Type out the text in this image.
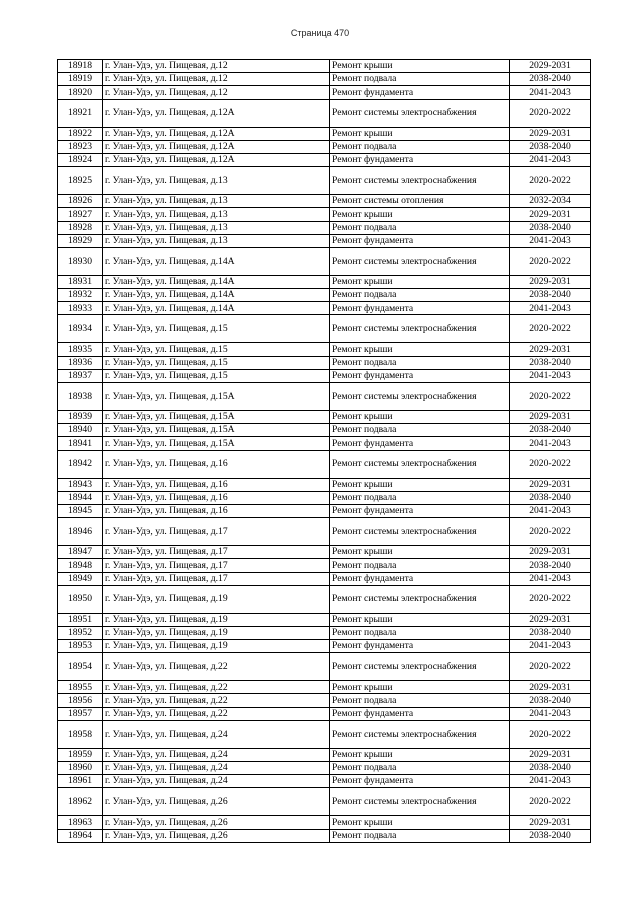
Страница 470
18918	г. Улан-Удэ, ул. Пищевая, д.12	Ремонт крыши	2029-2031
18919	г. Улан-Удэ, ул. Пищевая, д.12	Ремонт подвала	2038-2040
18920	г. Улан-Удэ, ул. Пищевая, д.12	Ремонт фундамента	2041-2043
18921	г. Улан-Удэ, ул. Пищевая, д.12А	Ремонт системы электроснабжения	2020-2022
18922	г. Улан-Удэ, ул. Пищевая, д.12А	Ремонт крыши	2029-2031
18923	г. Улан-Удэ, ул. Пищевая, д.12А	Ремонт подвала	2038-2040
18924	г. Улан-Удэ, ул. Пищевая, д.12А	Ремонт фундамента	2041-2043
18925	г. Улан-Удэ, ул. Пищевая, д.13	Ремонт системы электроснабжения	2020-2022
18926	г. Улан-Удэ, ул. Пищевая, д.13	Ремонт системы отопления	2032-2034
18927	г. Улан-Удэ, ул. Пищевая, д.13	Ремонт крыши	2029-2031
18928	г. Улан-Удэ, ул. Пищевая, д.13	Ремонт подвала	2038-2040
18929	г. Улан-Удэ, ул. Пищевая, д.13	Ремонт фундамента	2041-2043
18930	г. Улан-Удэ, ул. Пищевая, д.14А	Ремонт системы электроснабжения	2020-2022
18931	г. Улан-Удэ, ул. Пищевая, д.14А	Ремонт крыши	2029-2031
18932	г. Улан-Удэ, ул. Пищевая, д.14А	Ремонт подвала	2038-2040
18933	г. Улан-Удэ, ул. Пищевая, д.14А	Ремонт фундамента	2041-2043
18934	г. Улан-Удэ, ул. Пищевая, д.15	Ремонт системы электроснабжения	2020-2022
18935	г. Улан-Удэ, ул. Пищевая, д.15	Ремонт крыши	2029-2031
18936	г. Улан-Удэ, ул. Пищевая, д.15	Ремонт подвала	2038-2040
18937	г. Улан-Удэ, ул. Пищевая, д.15	Ремонт фундамента	2041-2043
18938	г. Улан-Удэ, ул. Пищевая, д.15А	Ремонт системы электроснабжения	2020-2022
18939	г. Улан-Удэ, ул. Пищевая, д.15А	Ремонт крыши	2029-2031
18940	г. Улан-Удэ, ул. Пищевая, д.15А	Ремонт подвала	2038-2040
18941	г. Улан-Удэ, ул. Пищевая, д.15А	Ремонт фундамента	2041-2043
18942	г. Улан-Удэ, ул. Пищевая, д.16	Ремонт системы электроснабжения	2020-2022
18943	г. Улан-Удэ, ул. Пищевая, д.16	Ремонт крыши	2029-2031
18944	г. Улан-Удэ, ул. Пищевая, д.16	Ремонт подвала	2038-2040
18945	г. Улан-Удэ, ул. Пищевая, д.16	Ремонт фундамента	2041-2043
18946	г. Улан-Удэ, ул. Пищевая, д.17	Ремонт системы электроснабжения	2020-2022
18947	г. Улан-Удэ, ул. Пищевая, д.17	Ремонт крыши	2029-2031
18948	г. Улан-Удэ, ул. Пищевая, д.17	Ремонт подвала	2038-2040
18949	г. Улан-Удэ, ул. Пищевая, д.17	Ремонт фундамента	2041-2043
18950	г. Улан-Удэ, ул. Пищевая, д.19	Ремонт системы электроснабжения	2020-2022
18951	г. Улан-Удэ, ул. Пищевая, д.19	Ремонт крыши	2029-2031
18952	г. Улан-Удэ, ул. Пищевая, д.19	Ремонт подвала	2038-2040
18953	г. Улан-Удэ, ул. Пищевая, д.19	Ремонт фундамента	2041-2043
18954	г. Улан-Удэ, ул. Пищевая, д.22	Ремонт системы электроснабжения	2020-2022
18955	г. Улан-Удэ, ул. Пищевая, д.22	Ремонт крыши	2029-2031
18956	г. Улан-Удэ, ул. Пищевая, д.22	Ремонт подвала	2038-2040
18957	г. Улан-Удэ, ул. Пищевая, д.22	Ремонт фундамента	2041-2043
18958	г. Улан-Удэ, ул. Пищевая, д.24	Ремонт системы электроснабжения	2020-2022
18959	г. Улан-Удэ, ул. Пищевая, д.24	Ремонт крыши	2029-2031
18960	г. Улан-Удэ, ул. Пищевая, д.24	Ремонт подвала	2038-2040
18961	г. Улан-Удэ, ул. Пищевая, д.24	Ремонт фундамента	2041-2043
18962	г. Улан-Удэ, ул. Пищевая, д.26	Ремонт системы электроснабжения	2020-2022
18963	г. Улан-Удэ, ул. Пищевая, д.26	Ремонт крыши	2029-2031
18964	г. Улан-Удэ, ул. Пищевая, д.26	Ремонт подвала	2038-2040
